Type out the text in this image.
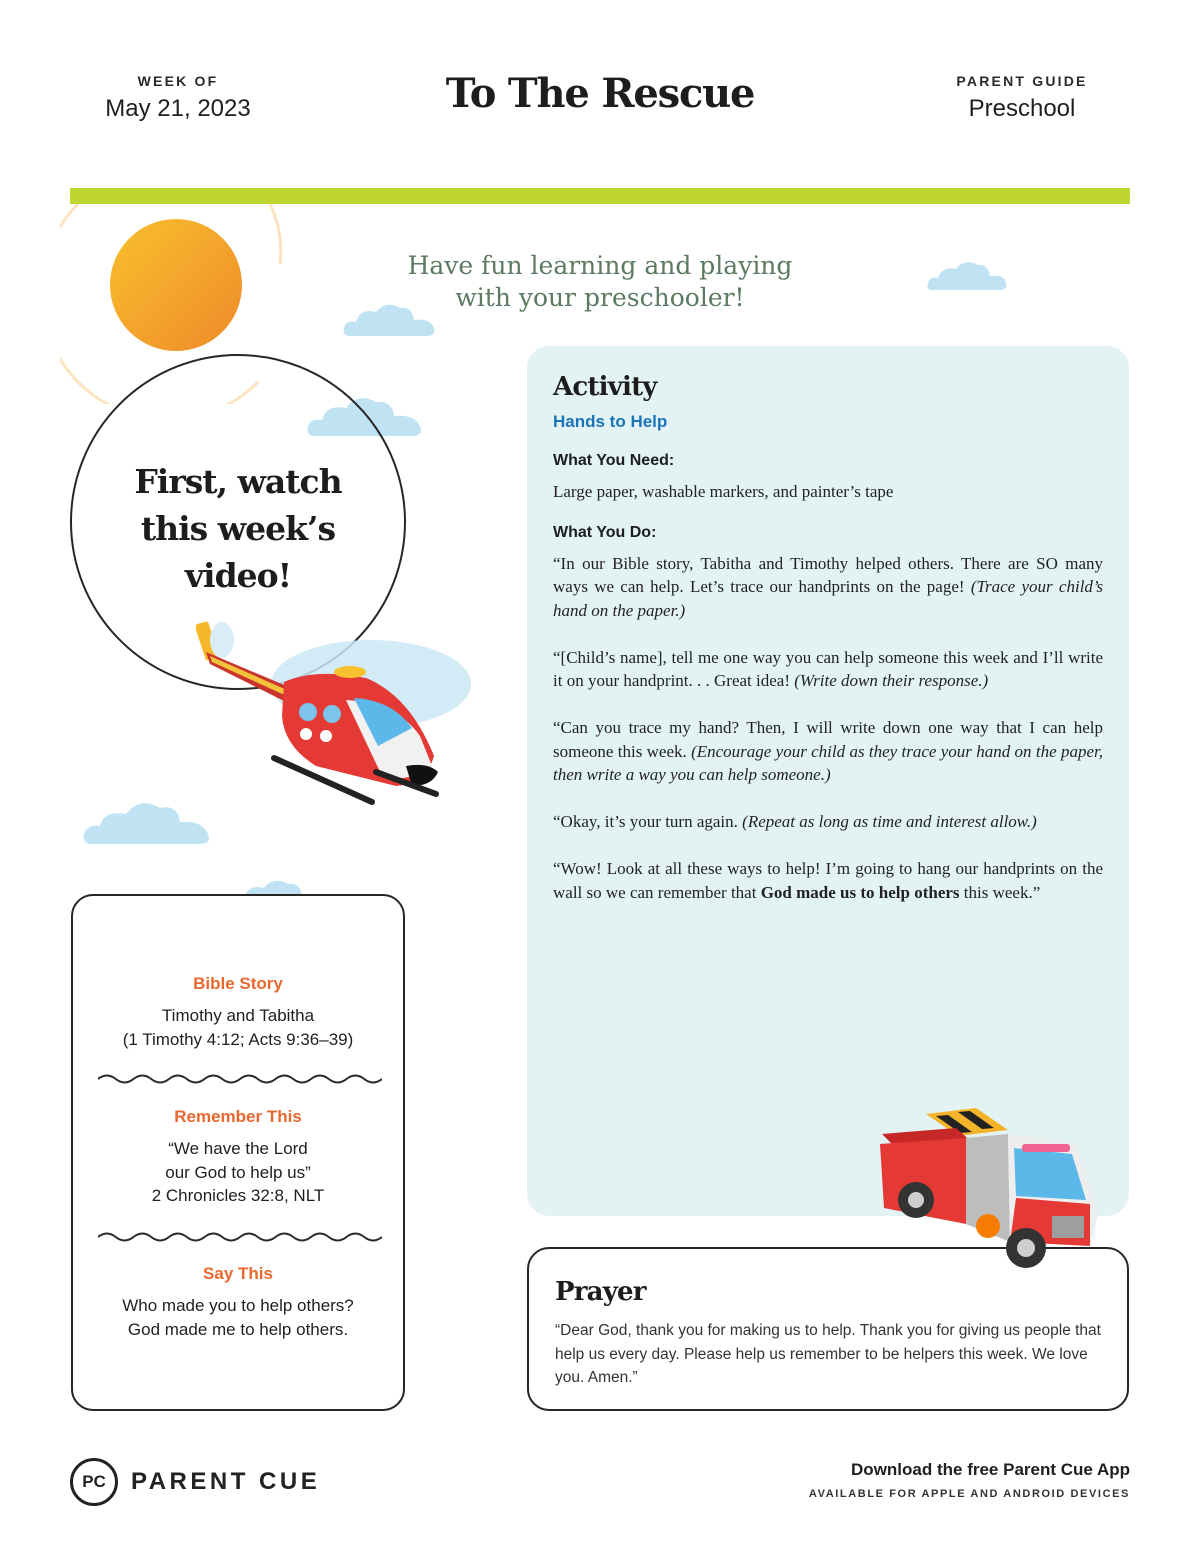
WEEK OF
May 21, 2023	To The Rescue	PARENT GUIDE
Preschool
First, watch
this week’s
video!
Have fun learning and playing
with your preschooler!
Activity
Hands to Help
What You Need:
Large paper, washable markers, and painter’s tape
What You Do:
“In our Bible story, Tabitha and Timothy helped others. There are SO many ways we can help. Let’s trace our handprints on the page! (Trace your child’s hand on the paper.)
“[Child’s name], tell me one way you can help someone this week and I’ll write it on your handprint. . . Great idea! (Write down their response.)
“Can you trace my hand? Then, I will write down one way that I can help someone this week. (Encourage your child as they trace your hand on the paper, then write a way you can help someone.)
“Okay, it’s your turn again. (Repeat as long as time and interest allow.)
“Wow! Look at all these ways to help! I’m going to hang our handprints on the wall so we can remember that God made us to help others this week.”
Prayer
“Dear God, thank you for making us to help. Thank you for giving us people that help us every day. Please help us remember to be helpers this week. We love you. Amen.”
Bible Story
Timothy and Tabitha
(1 Timothy 4:12; Acts 9:36–39)
Remember This
“We have the Lord
our God to help us”
2 Chronicles 32:8, NLT
Say This
Who made you to help others?
God made me to help others.
PC PARENT CUE	Download the free Parent Cue App
AVAILABLE FOR APPLE AND ANDROID DEVICES
